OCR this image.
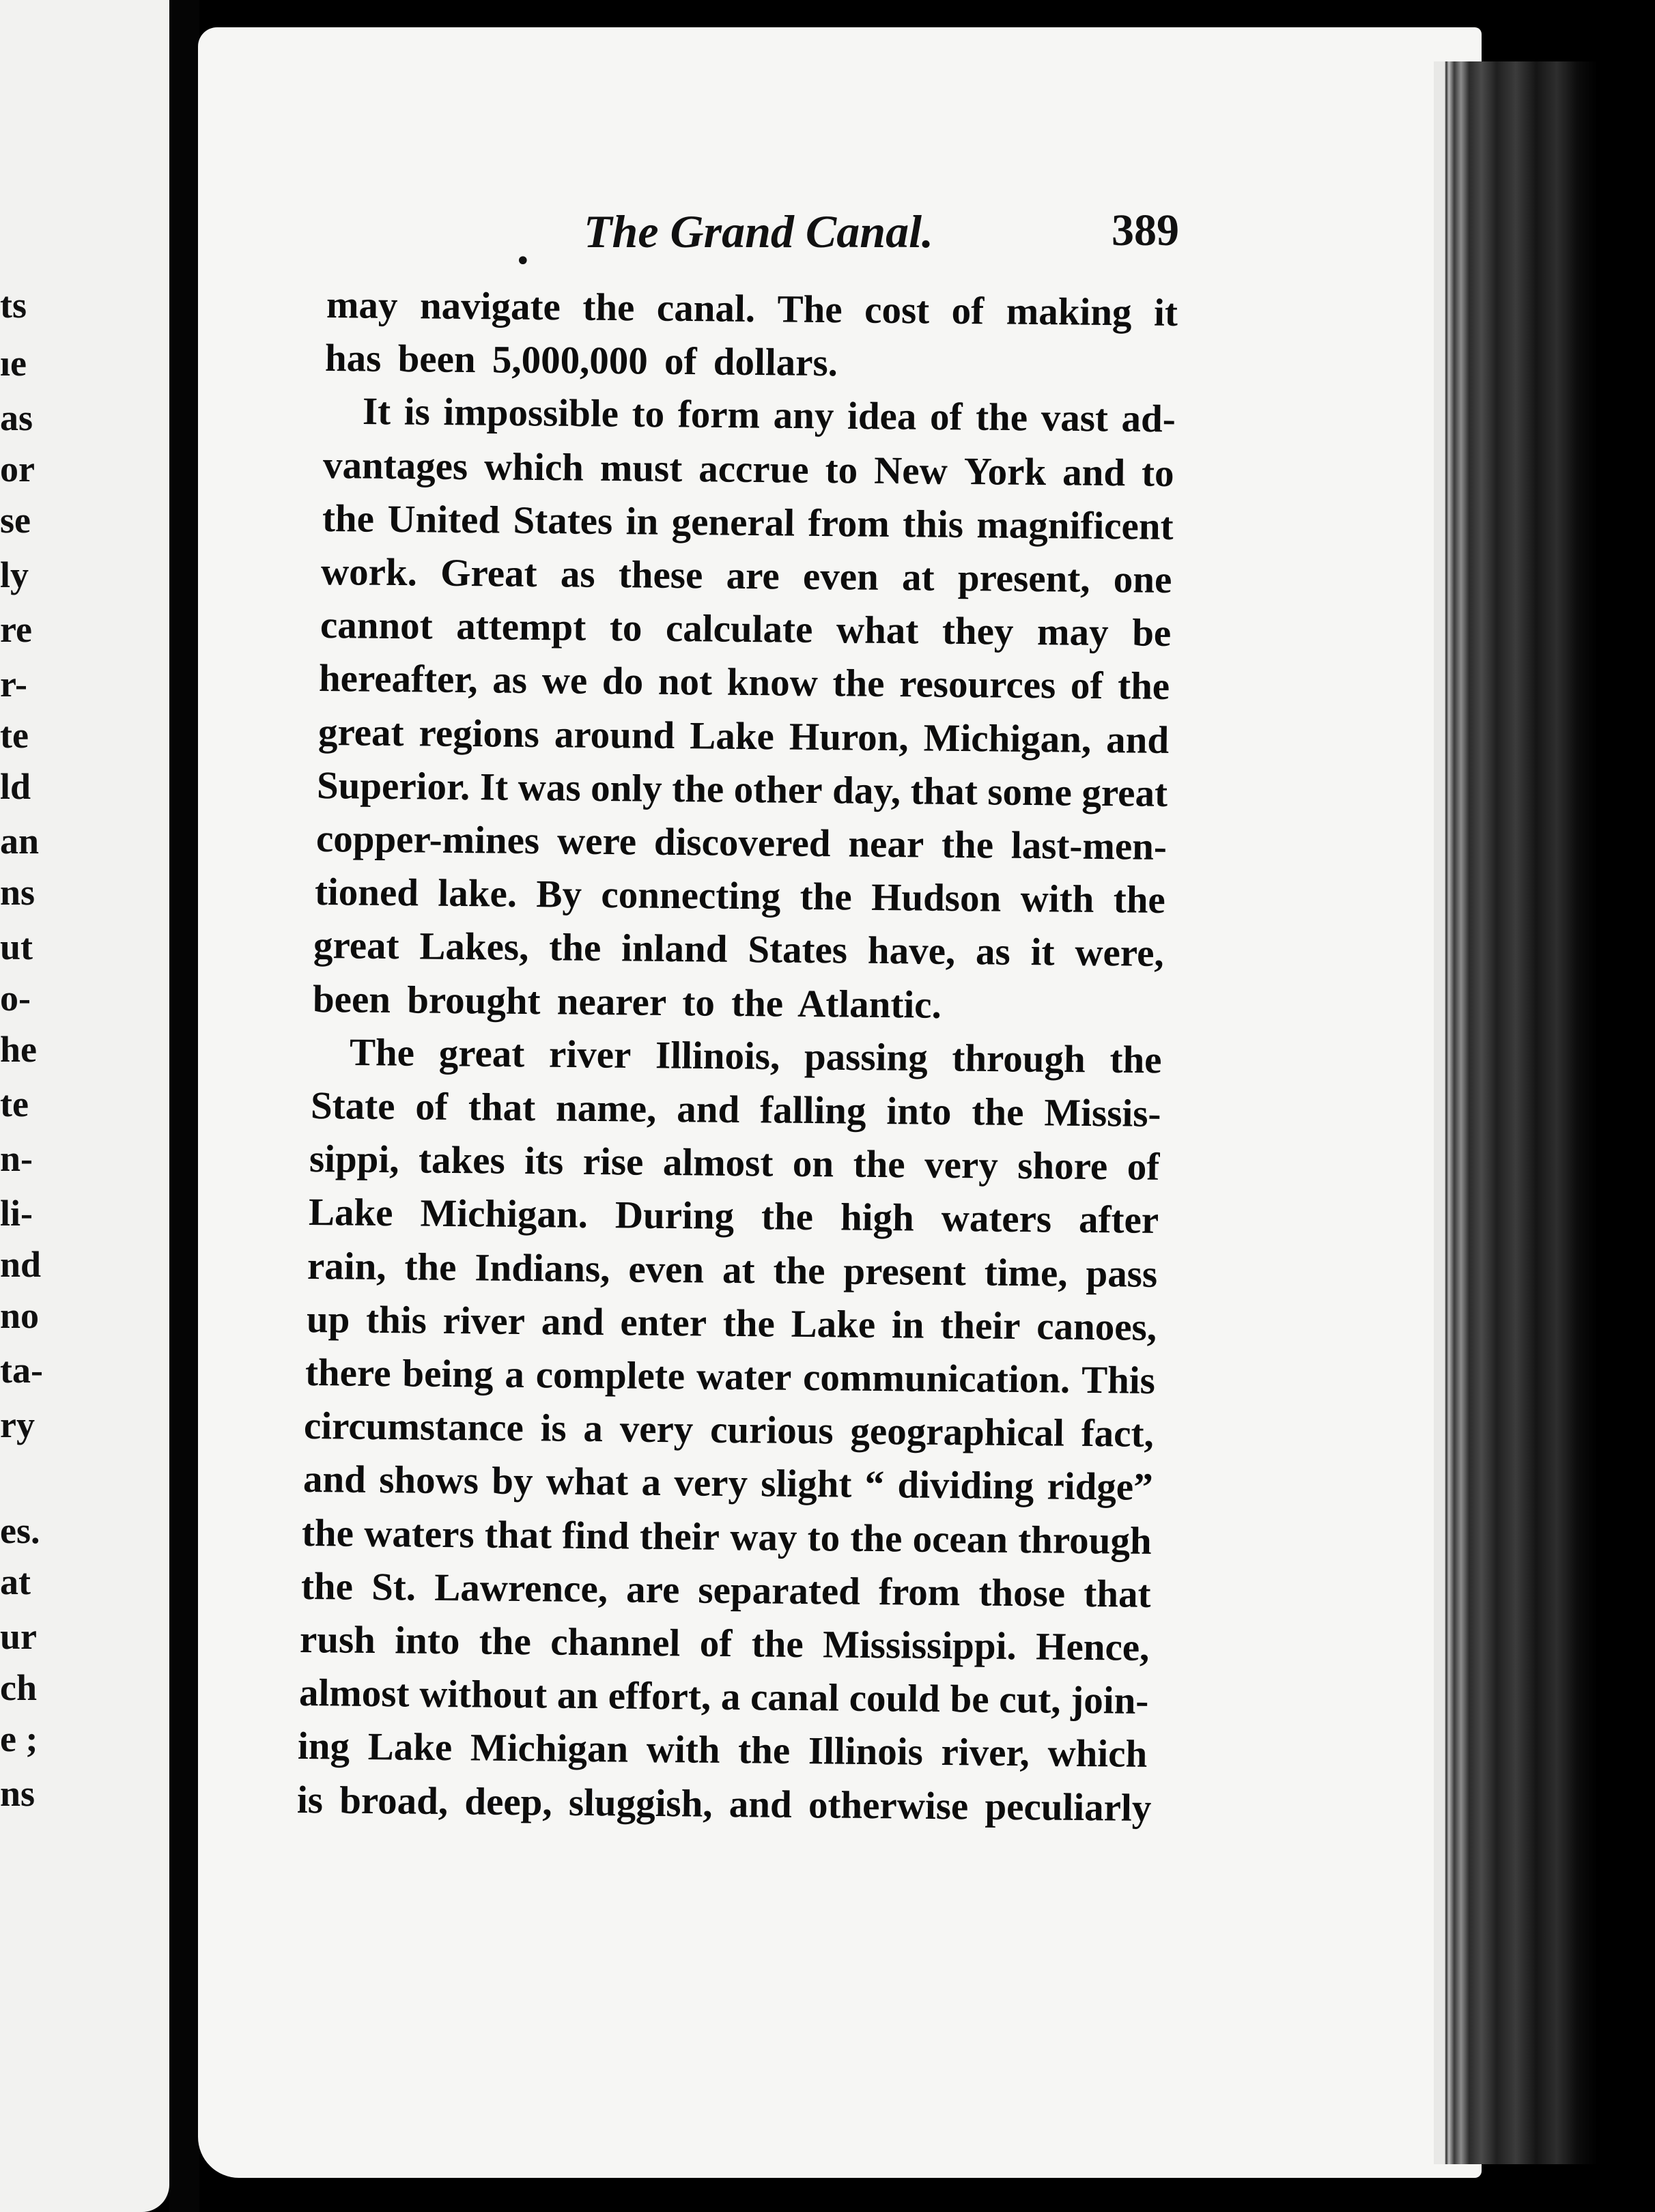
ts
ıe
as
or
se
ly
re
r-
te
ld
an
ns
ut
o-
he
te
n-
li-
nd
no
ta-
ry
es.
at
ur
ch
e ;
ns
•
The Grand Canal.	389
may navigate the canal. The cost of making it
has been 5,000,000 of dollars.
It is impossible to form any idea of the vast ad-
vantages which must accrue to New York and to
the United States in general from this magnificent
work. Great as these are even at present, one
cannot attempt to calculate what they may be
hereafter, as we do not know the resources of the
great regions around Lake Huron, Michigan, and
Superior. It was only the other day, that some great
copper-mines were discovered near the last-men-
tioned lake. By connecting the Hudson with the
great Lakes, the inland States have, as it were,
been brought nearer to the Atlantic.
The great river Illinois, passing through the
State of that name, and falling into the Missis-
sippi, takes its rise almost on the very shore of
Lake Michigan. During the high waters after
rain, the Indians, even at the present time, pass
up this river and enter the Lake in their canoes,
there being a complete water communication. This
circumstance is a very curious geographical fact,
and shows by what a very slight “ dividing ridge”
the waters that find their way to the ocean through
the St. Lawrence, are separated from those that
rush into the channel of the Mississippi. Hence,
almost without an effort, a canal could be cut, join-
ing Lake Michigan with the Illinois river, which
is broad, deep, sluggish, and otherwise peculiarly
